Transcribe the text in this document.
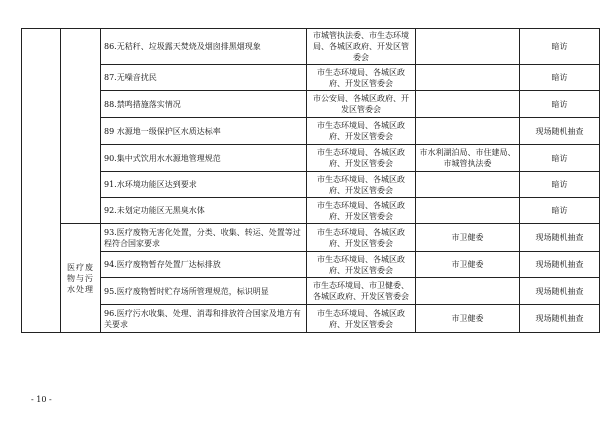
		86.无秸秆、垃圾露天焚烧及烟囱排黑烟现象	市城管执法委、市生态环境局、各城区政府、开发区管委会		暗访
		87.无噪音扰民	市生态环境局、各城区政府、开发区管委会		暗访
		88.禁鸣措施落实情况	市公安局、各城区政府、开发区管委会		暗访
		89 水源地一级保护区水质达标率	市生态环境局、各城区政府、开发区管委会		现场随机抽查
		90.集中式饮用水水源地管理规范	市生态环境局、各城区政府、开发区管委会	市水利湖泊局、市住建局、市城管执法委	暗访
		91.水环境功能区达到要求	市生态环境局、各城区政府、开发区管委会		暗访
		92.未划定功能区无黑臭水体	市生态环境局、各城区政府、开发区管委会		暗访
	医疗废物与污水处理	93.医疗废物无害化处置，分类、收集、转运、处置等过程符合国家要求	市生态环境局、各城区政府、开发区管委会	市卫健委	现场随机抽查
		94.医疗废物暂存处置厂达标排放	市生态环境局、各城区政府、开发区管委会	市卫健委	现场随机抽查
		95.医疗废物暂时贮存场所管理规范，标识明显	市生态环境局、市卫健委、各城区政府、开发区管委会		现场随机抽查
		96.医疗污水收集、处理、消毒和排放符合国家及地方有关要求	市生态环境局、各城区政府、开发区管委会	市卫健委	现场随机抽查
- 10 -
